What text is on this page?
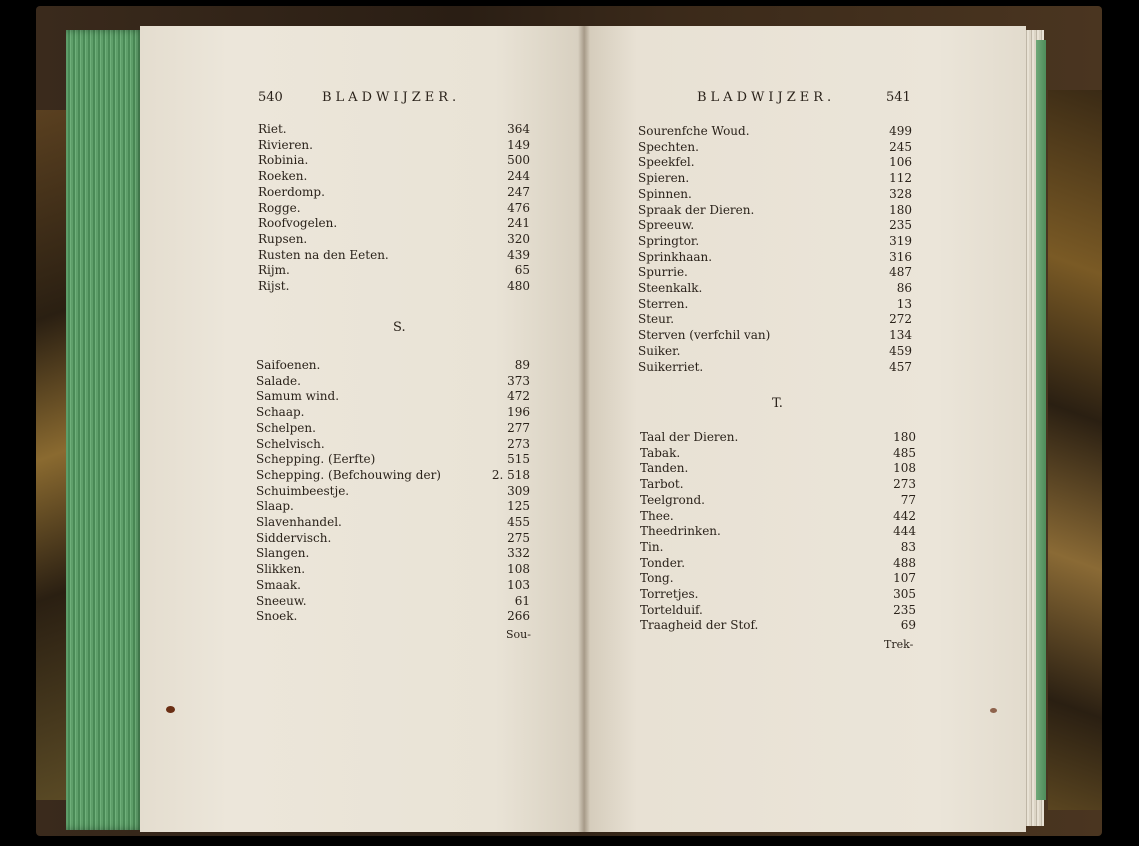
540	BLADWIJZER.
Riet.	364
Rivieren.	149
Robinia.	500
Roeken.	244
Roerdomp.	247
Rogge.	476
Roofvogelen.	241
Rupsen.	320
Rusten na den Eeten.	439
Rijm.	65
Rijst.	480
S.
Saifoenen.	89
Salade.	373
Samum wind.	472
Schaap.	196
Schelpen.	277
Schelvisch.	273
Schepping. (Eerfte)	515
Schepping. (Befchouwing der)	2. 518
Schuimbeestje.	309
Slaap.	125
Slavenhandel.	455
Siddervisch.	275
Slangen.	332
Slikken.	108
Smaak.	103
Sneeuw.	61
Snoek.	266
Sou-
BLADWIJZER.	541
Sourenfche Woud.	499
Spechten.	245
Speekfel.	106
Spieren.	112
Spinnen.	328
Spraak der Dieren.	180
Spreeuw.	235
Springtor.	319
Sprinkhaan.	316
Spurrie.	487
Steenkalk.	86
Sterren.	13
Steur.	272
Sterven (verfchil van)	134
Suiker.	459
Suikerriet.	457
T.
Taal der Dieren.	180
Tabak.	485
Tanden.	108
Tarbot.	273
Teelgrond.	77
Thee.	442
Theedrinken.	444
Tin.	83
Tonder.	488
Tong.	107
Torretjes.	305
Tortelduif.	235
Traagheid der Stof.	69
Trek-
